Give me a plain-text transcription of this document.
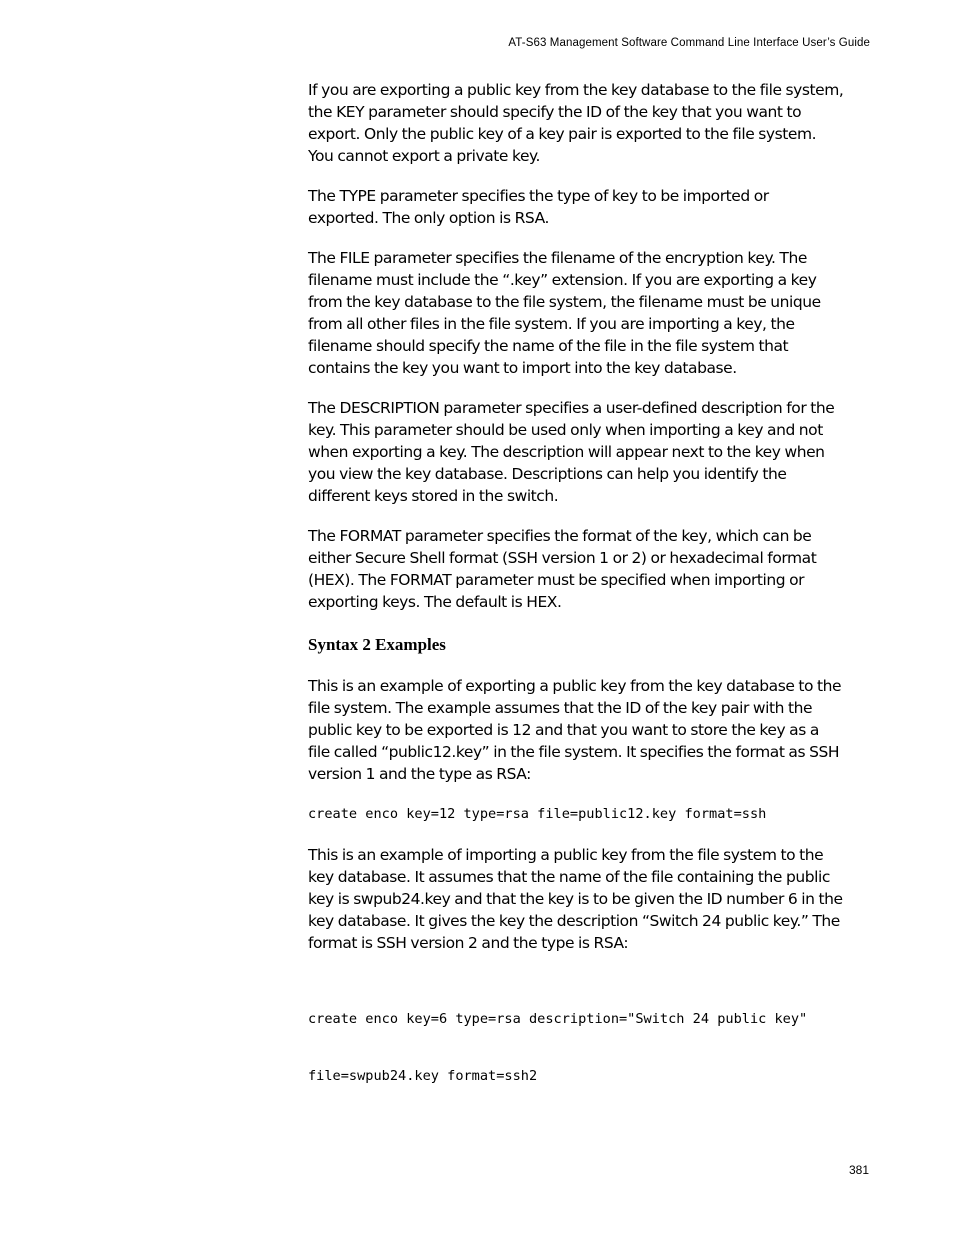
AT-S63 Management Software Command Line Interface User’s Guide

If you are exporting a public key from the key database to the file system,
the KEY parameter should specify the ID of the key that you want to
export. Only the public key of a key pair is exported to the file system.
You cannot export a private key.

The TYPE parameter specifies the type of key to be imported or
exported. The only option is RSA.

The FILE parameter specifies the filename of the encryption key. The
filename must include the “.key” extension. If you are exporting a key
from the key database to the file system, the filename must be unique
from all other files in the file system. If you are importing a key, the
filename should specify the name of the file in the file system that
contains the key you want to import into the key database.

The DESCRIPTION parameter specifies a user-defined description for the
key. This parameter should be used only when importing a key and not
when exporting a key. The description will appear next to the key when
you view the key database. Descriptions can help you identify the
different keys stored in the switch.

The FORMAT parameter specifies the format of the key, which can be
either Secure Shell format (SSH version 1 or 2) or hexadecimal format
(HEX). The FORMAT parameter must be specified when importing or
exporting keys. The default is HEX.

Syntax 2 Examples

This is an example of exporting a public key from the key database to the
file system. The example assumes that the ID of the key pair with the
public key to be exported is 12 and that you want to store the key as a
file called “public12.key” in the file system. It specifies the format as SSH
version 1 and the type as RSA:

create enco key=12 type=rsa file=public12.key format=ssh

This is an example of importing a public key from the file system to the
key database. It assumes that the name of the file containing the public
key is swpub24.key and that the key is to be given the ID number 6 in the
key database. It gives the key the description “Switch 24 public key.” The
format is SSH version 2 and the type is RSA:

create enco key=6 type=rsa description="Switch 24 public key"

file=swpub24.key format=ssh2

381
